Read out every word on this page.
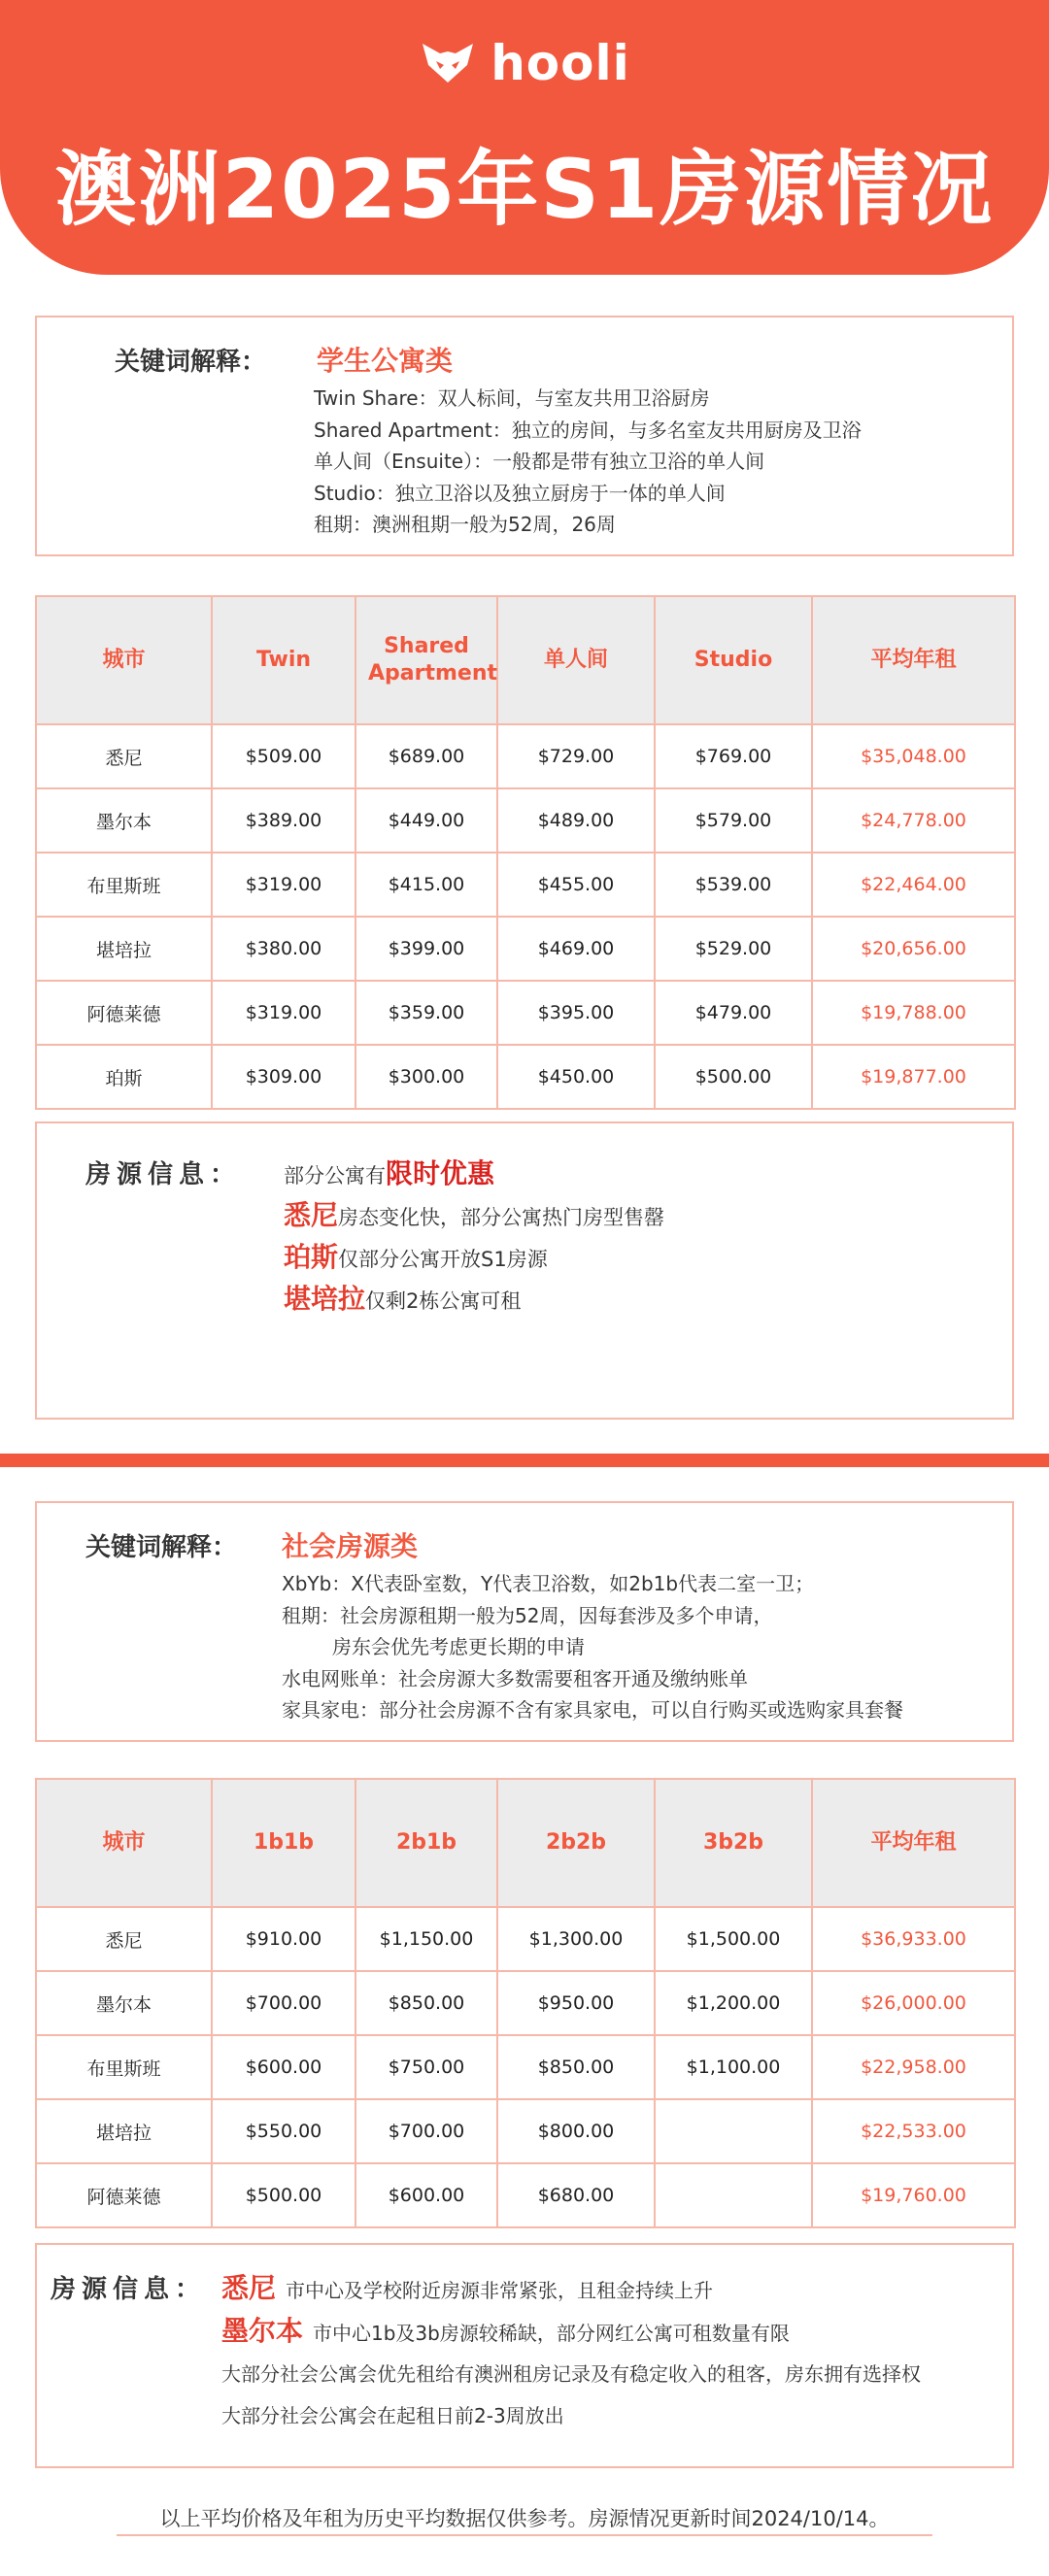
hooli
澳洲2025年S1房源情况
关键词解释： 学生公寓类
Twin Share：双人标间，与室友共用卫浴厨房
Shared Apartment：独立的房间，与多名室友共用厨房及卫浴
单人间（Ensuite）：一般都是带有独立卫浴的单人间
Studio：独立卫浴以及独立厨房于一体的单人间
租期：澳洲租期一般为52周，26周
城市	Twin	Shared Apartment	单人间	Studio	平均年租
悉尼	$509.00	$689.00	$729.00	$769.00	$35,048.00
墨尔本	$389.00	$449.00	$489.00	$579.00	$24,778.00
布里斯班	$319.00	$415.00	$455.00	$539.00	$22,464.00
堪培拉	$380.00	$399.00	$469.00	$529.00	$20,656.00
阿德莱德	$319.00	$359.00	$395.00	$479.00	$19,788.00
珀斯	$309.00	$300.00	$450.00	$500.00	$19,877.00
房源信息： 部分公寓有限时优惠
悉尼房态变化快，部分公寓热门房型售罄
珀斯仅部分公寓开放S1房源
堪培拉仅剩2栋公寓可租
关键词解释： 社会房源类
XbYb：X代表卧室数，Y代表卫浴数，如2b1b代表二室一卫；
租期：社会房源租期一般为52周，因每套涉及多个申请，
房东会优先考虑更长期的申请
水电网账单：社会房源大多数需要租客开通及缴纳账单
家具家电：部分社会房源不含有家具家电，可以自行购买或选购家具套餐
城市	1b1b	2b1b	2b2b	3b2b	平均年租
悉尼	$910.00	$1,150.00	$1,300.00	$1,500.00	$36,933.00
墨尔本	$700.00	$850.00	$950.00	$1,200.00	$26,000.00
布里斯班	$600.00	$750.00	$850.00	$1,100.00	$22,958.00
堪培拉	$550.00	$700.00	$800.00		$22,533.00
阿德莱德	$500.00	$600.00	$680.00		$19,760.00
房源信息： 悉尼 市中心及学校附近房源非常紧张，且租金持续上升
墨尔本 市中心1b及3b房源较稀缺，部分网红公寓可租数量有限
大部分社会公寓会优先租给有澳洲租房记录及有稳定收入的租客，房东拥有选择权
大部分社会公寓会在起租日前2-3周放出
以上平均价格及年租为历史平均数据仅供参考。房源情况更新时间2024/10/14。
